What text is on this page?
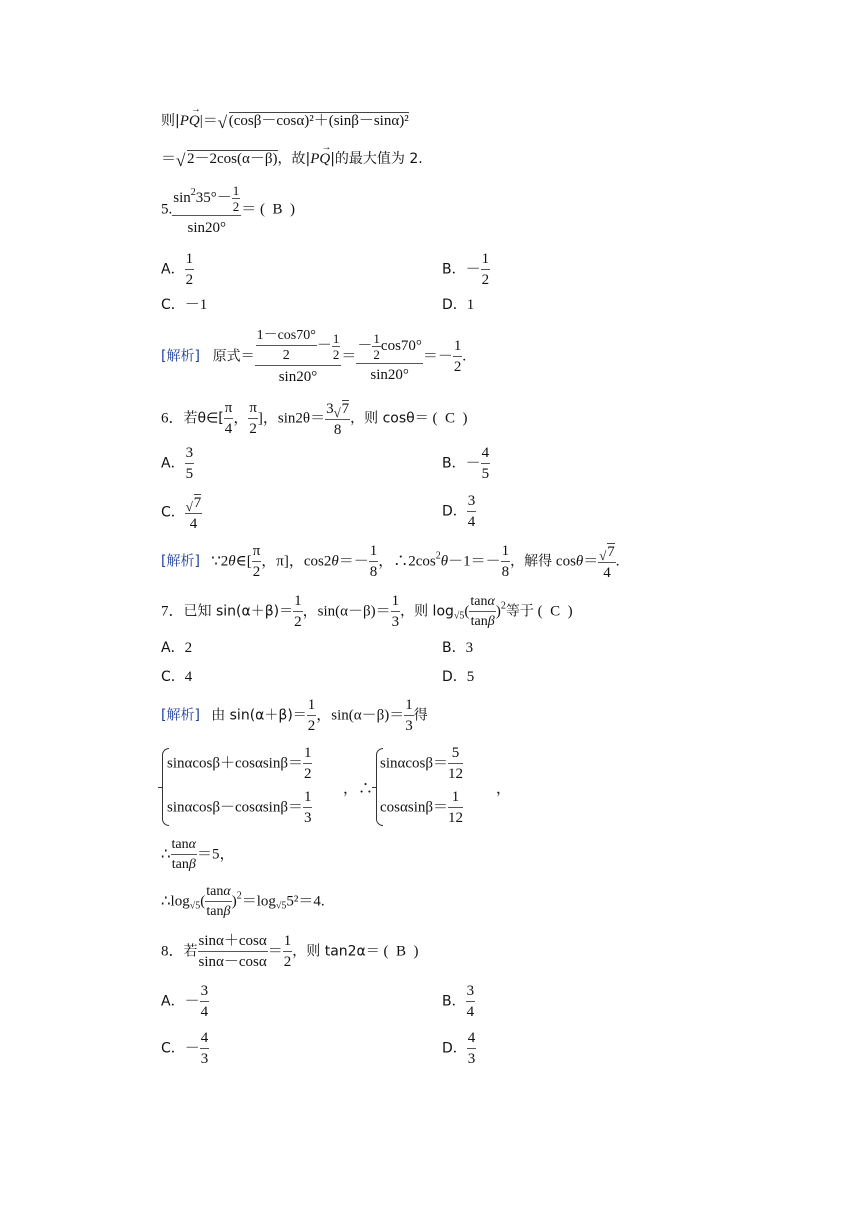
则|
→
PQ|＝ √ (cosβ－cosα)²＋(sinβ－sinα)²
＝ √ 2－2cos(α－β)，故|
→
PQ|的最大值为 2.
5. $\frac{\sin^235^\circ- \frac{1}{2}}{\sin 20^\circ}$ ＝ (  B  )
A． $\frac{1}{2}$	B．－ $\frac{1}{2}$
C．－1	D．1
[解析]   原式＝ $\frac{\frac{1-\cos 70^\circ}{2} - \frac{1}{2}}{\sin 20^\circ} = \frac{- \frac{1}{2} \cos 70^\circ}{\sin 20^\circ} =- \frac{1}{2}$ .
6．若θ∈[ $\frac{\pi}{4}$ ， $\frac{\pi}{2}$ ]，$\sin 2\theta= \frac{3 √ 7}{8}$ ，则 cosθ＝ (  C  )
A． $\frac{3}{5}$	B．－ $\frac{4}{5}$
C． $\frac{√ 7}{4}$	D． $\frac{3}{4}$
[解析]   ∵2θ∈[ $\frac{\pi}{2}$ ，π]，$\cos 2\theta=- \frac{1}{8}$ ，$\therefore 2\cos^2\theta-1=- \frac{1}{8}$ ，解得 $\cos\theta= \frac{√ 7}{4}$ .
7．已知 $\sin(\alpha+\beta)= \frac{1}{2}$ ，$\sin(\alpha-\beta)= \frac{1}{3}$ ，则 $\log_{√5}( \frac{\tan\alpha}{\tan\beta} )^2$等于 (  C  )
A．2	B．3
C．4	D．5
[解析] 由 $\sin(\alpha+\beta)= \frac{1}{2}$ ，$\sin(\alpha-\beta)= \frac{1}{3}$ 得
$\sin\alpha\cos\beta+\cos\alpha\sin\beta= \frac{1}{2}$
$\sin\alpha\cos\beta-\cos\alpha\sin\beta= \frac{1}{3}$
，∴
$\sin\alpha\cos\beta= \frac{5}{12}$
$\cos\alpha\sin\beta= \frac{1}{12}$
，
∴ $\frac{\tan\alpha}{\tan\beta} =5$，
$\therefore\log_{√5}( \frac{\tan\alpha}{\tan\beta} )^2=\log_{√5}5^2=4$.
8．若 $\frac{\sin\alpha+\cos\alpha}{\sin\alpha-\cos\alpha} = \frac{1}{2}$ ，则 tan2α＝ (  B  )
A．－ $\frac{3}{4}$	B． $\frac{3}{4}$
C．－ $\frac{4}{3}$	D． $\frac{4}{3}$
